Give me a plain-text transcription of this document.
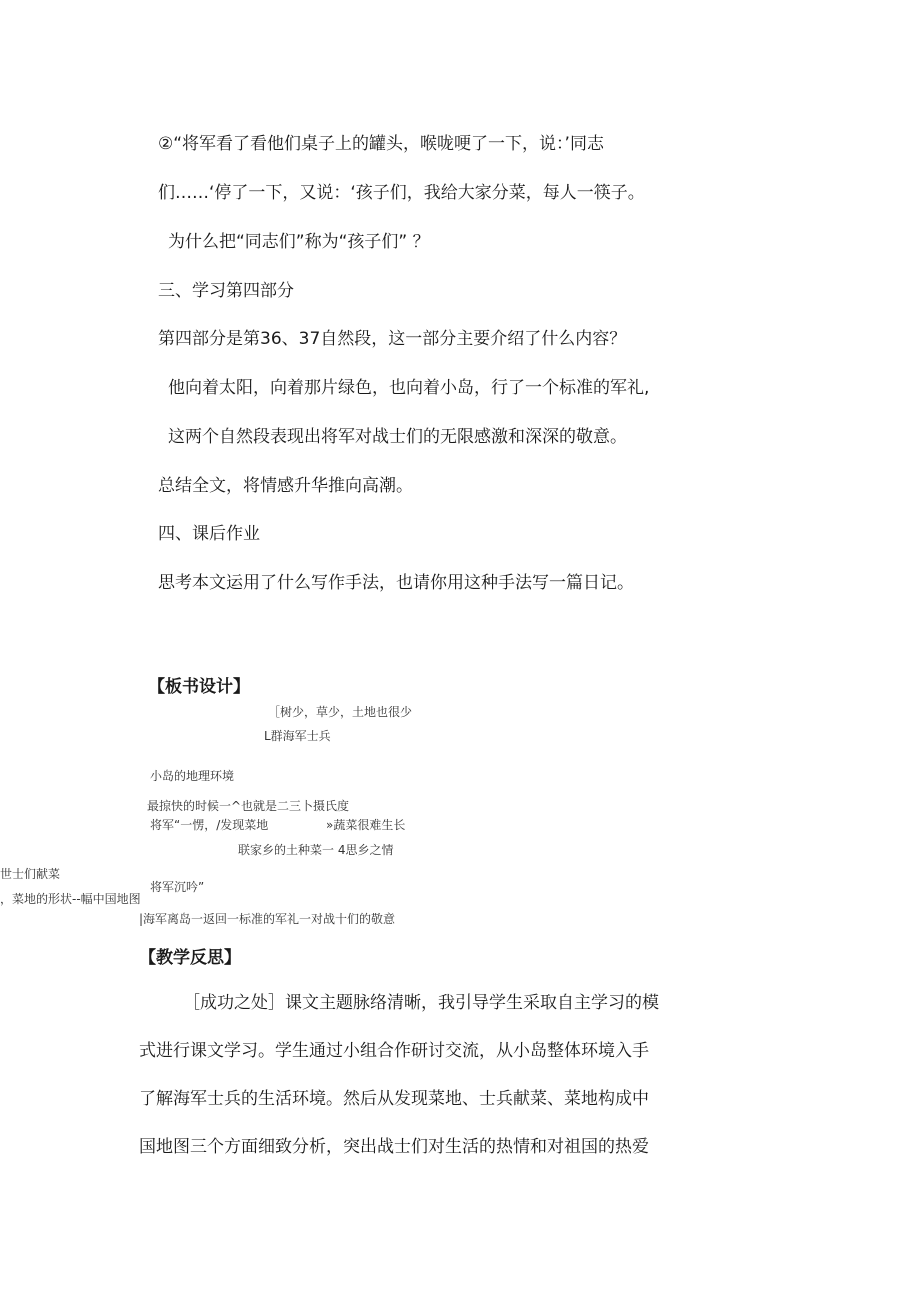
②“将军看了看他们桌子上的罐头，喉咙哽了一下，说：’同志
们……‘停了一下，又说：‘孩子们，我给大家分菜，每人一筷子。
为什么把“同志们”称为“孩子们” ？
三、学习第四部分
第四部分是第36、37自然段，这一部分主要介绍了什么内容？
他向着太阳，向着那片绿色，也向着小岛，行了一个标准的军礼,
这两个自然段表现出将军对战士们的无限感激和深深的敬意。
总结全文，将情感升华推向高潮。
四、课后作业
思考本文运用了什么写作手法，也请你用这种手法写一篇日记。
【板书设计】
［树少，草少，土地也很少
L群海军士兵
小岛的地理环境
最掠快的时候一^也就是二三卜摄氏度
将军“一愣，/发现菜地	»蔬菜很难生长
联家乡的土种菜一 4思乡之情
世士们献菜
将军沉吟”
，菜地的形状--幅中国地图
|海军离岛一返回一标准的军礼一对战十们的敬意
【教学反思】
［成功之处］课文主题脉络清晰，我引导学生采取自主学习的模
式进行课文学习。学生通过小组合作研讨交流，从小岛整体环境入手
了解海军士兵的生活环境。然后从发现菜地、士兵献菜、菜地构成中
国地图三个方面细致分析，突出战士们对生活的热情和对祖国的热爱
